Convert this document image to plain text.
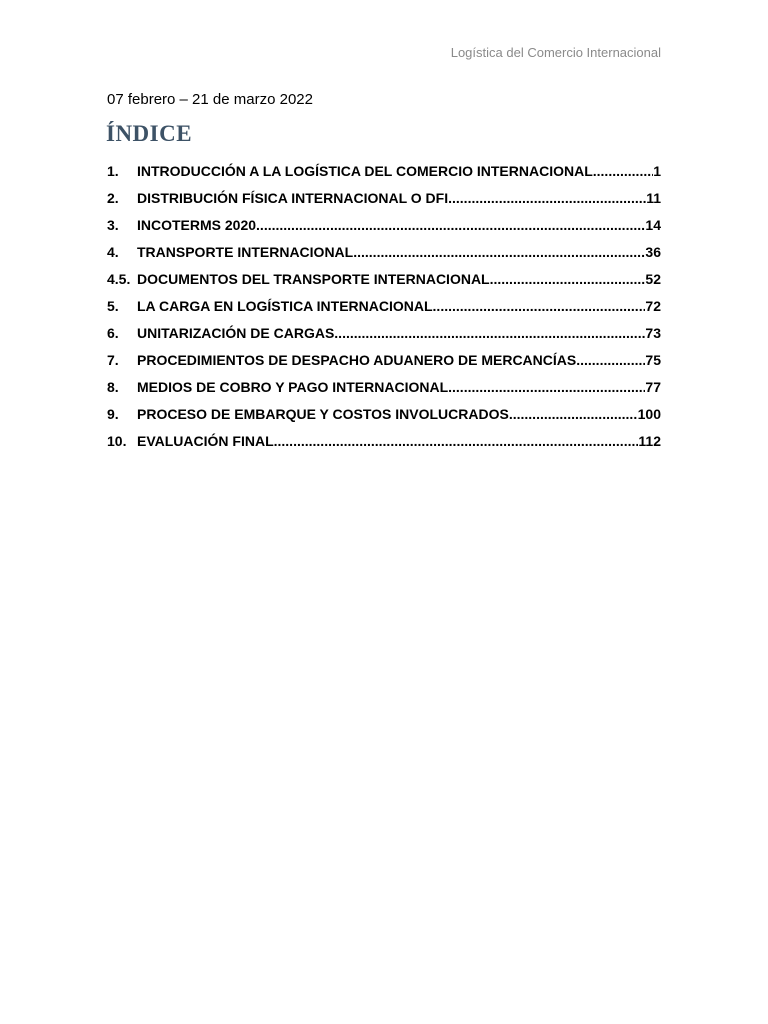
Logística del Comercio Internacional
07 febrero – 21 de marzo 2022
ÍNDICE
1.	INTRODUCCIÓN A LA LOGÍSTICA DEL COMERCIO INTERNACIONAL .....	1
2.	DISTRIBUCIÓN FÍSICA INTERNACIONAL O DFI .....	11
3.	INCOTERMS 2020 .....	14
4.	TRANSPORTE INTERNACIONAL .....	36
4.5. DOCUMENTOS DEL TRANSPORTE INTERNACIONAL .....	52
5.	LA CARGA EN LOGÍSTICA INTERNACIONAL .....	72
6.	UNITARIZACIÓN DE CARGAS .....	73
7.	PROCEDIMIENTOS DE DESPACHO ADUANERO DE MERCANCÍAS .....	75
8.	MEDIOS DE COBRO Y PAGO INTERNACIONAL .....	77
9.	PROCESO DE EMBARQUE Y COSTOS INVOLUCRADOS .....	100
10. EVALUACIÓN FINAL .....	112
